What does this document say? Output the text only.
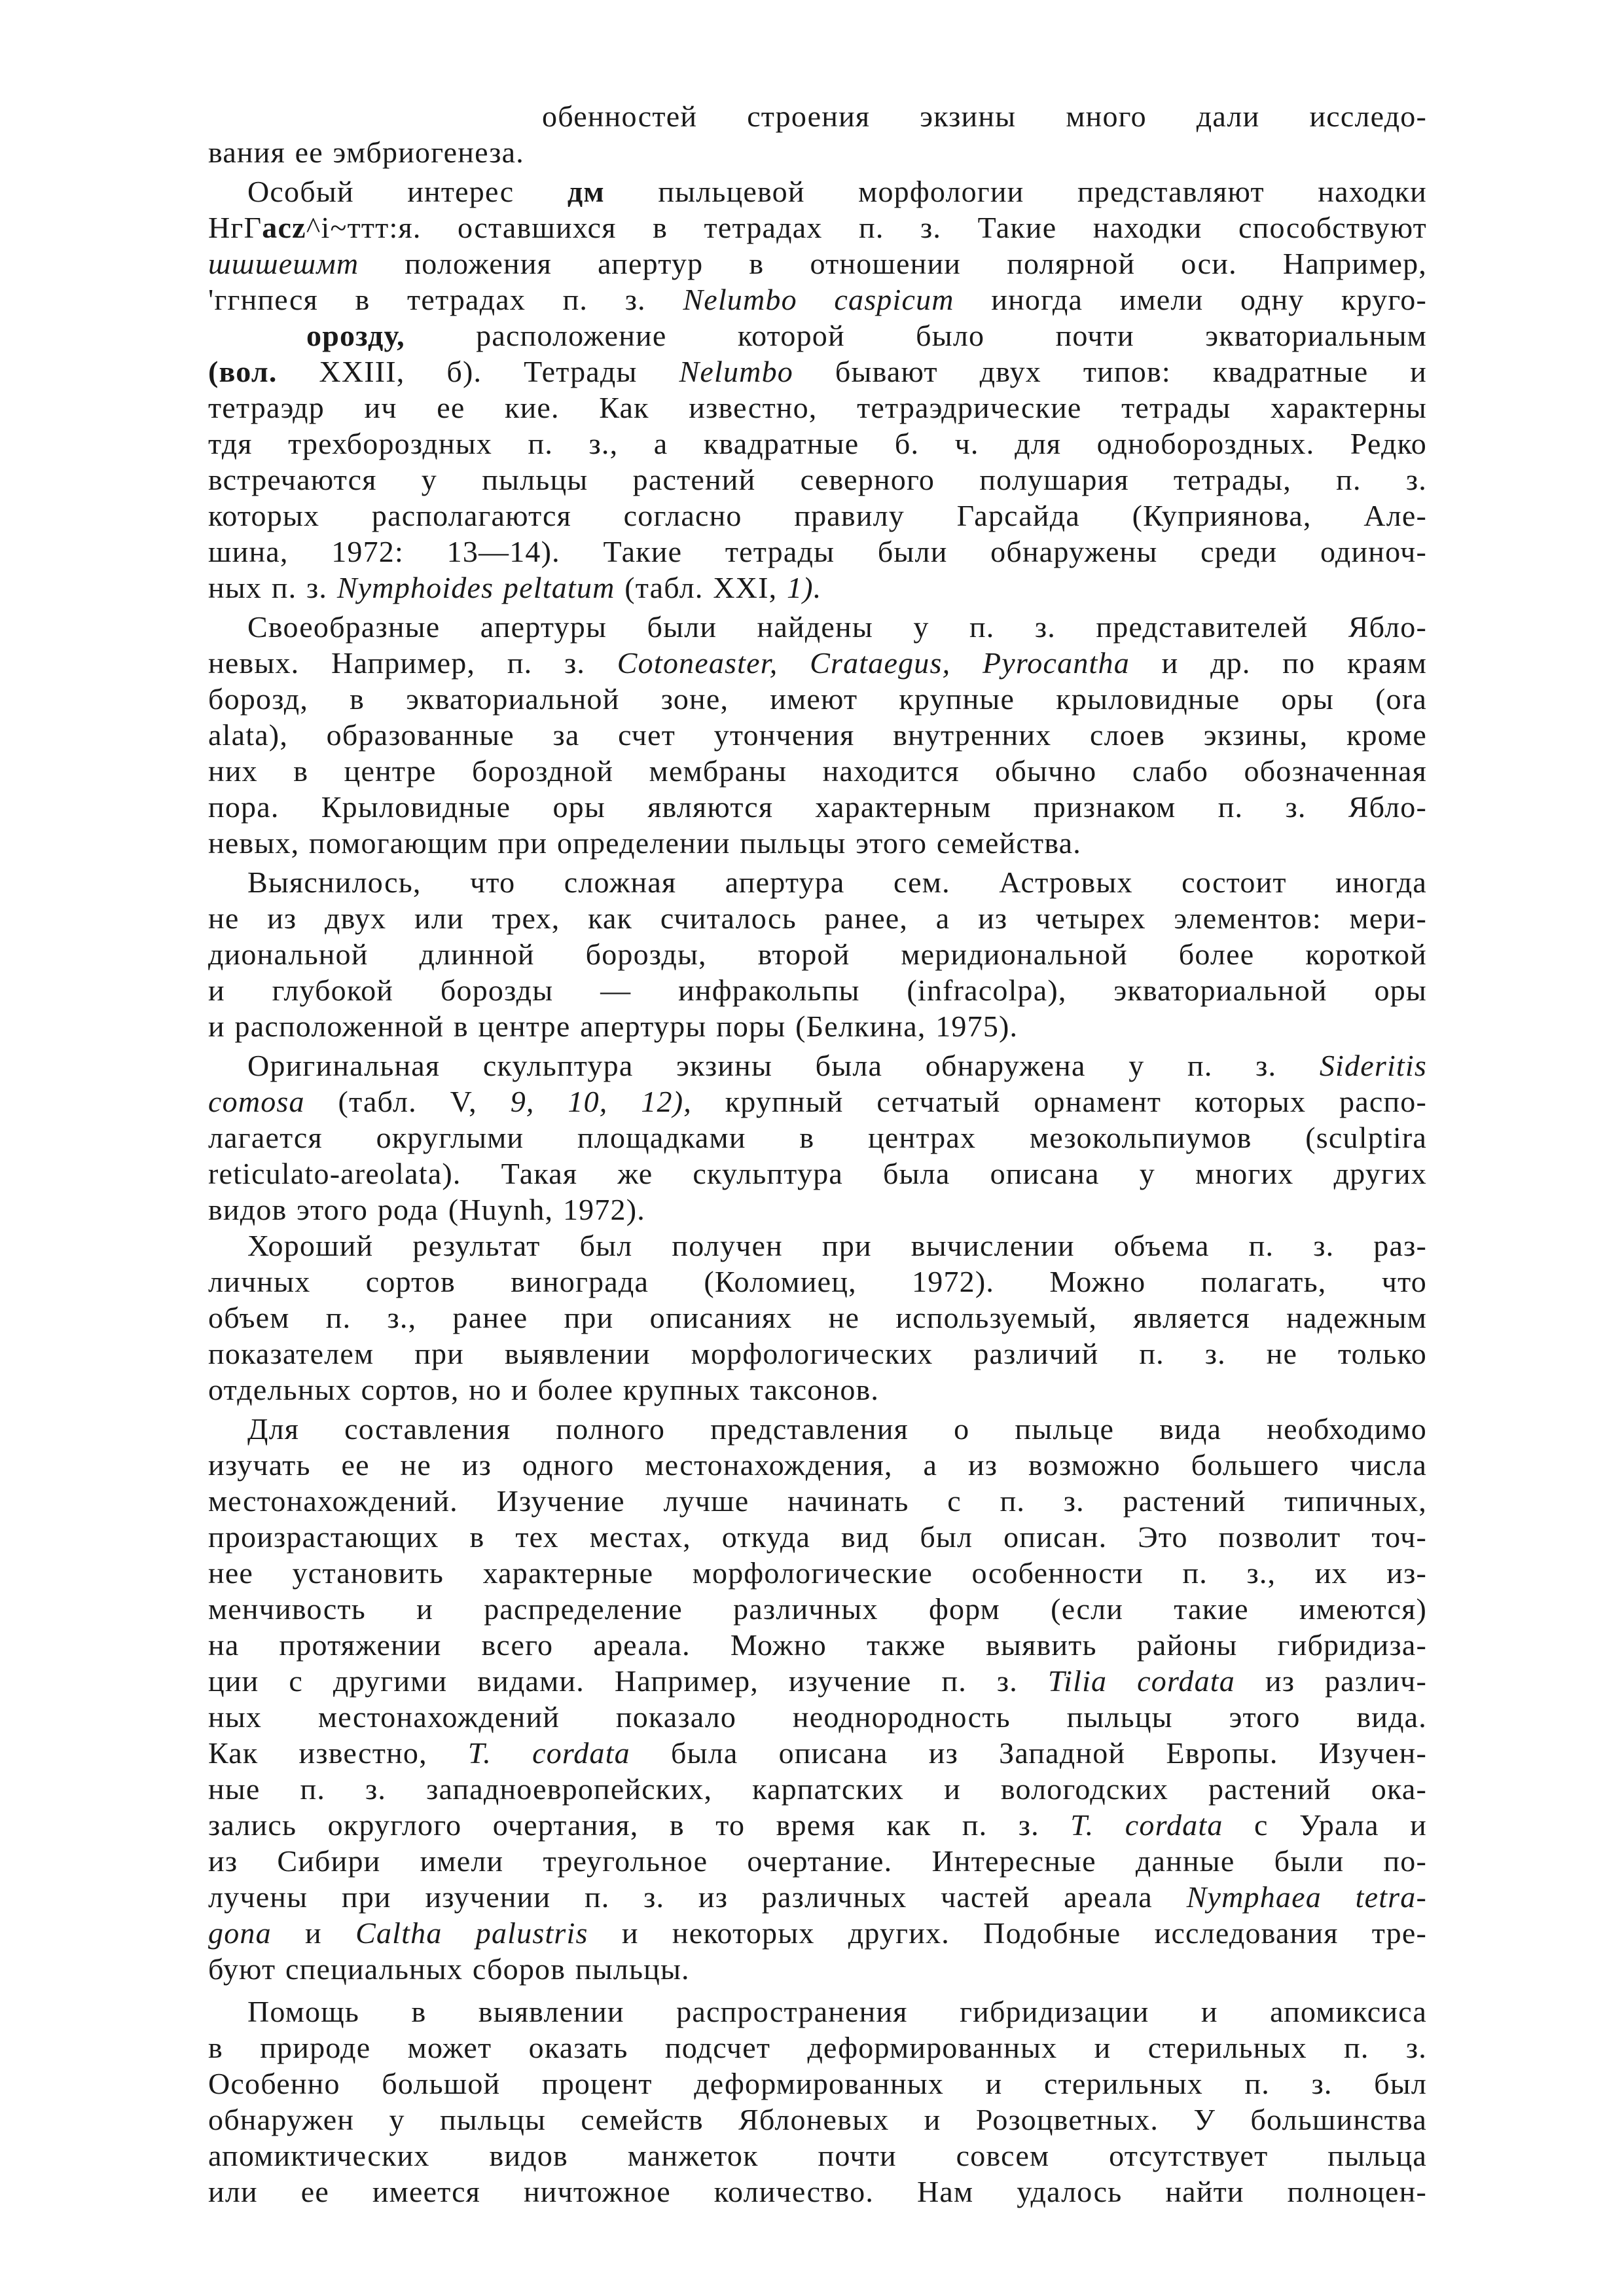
обенностей строения экзины много дали исследо-
вания ее эмбриогенеза.
Особый интерес дм пыльцевой морфологии представляют находки
НгГacz^i~ттт:я. оставшихся в тетрадах п. з. Такие находки способствуют
шшшешмт положения апертур в отношении полярной оси. Например,
'ггнпеся в тетрадах п. з. Nelumbo caspicum иногда имели одну круго-
орозду, расположение которой было почти экваториальным
(вол. XXIII, б). Тетрады Nelumbo бывают двух типов: квадратные и
тетраэдр ич ее кие. Как известно, тетраэдрические тетрады характерны
тдя трехбороздных п. з., а квадратные б. ч. для однобороздных. Редко
встречаются у пыльцы растений северного полушария тетрады, п. з.
которых располагаются согласно правилу Гарсайда (Куприянова, Але-
шина, 1972: 13—14). Такие тетрады были обнаружены среди одиноч-
ных п. з. Nymphoides peltatum (табл. XXI, 1).
Своеобразные апертуры были найдены у п. з. представителей Ябло-
невых. Например, п. з. Cotoneaster, Crataegus, Pyrocantha и др. по краям
борозд, в экваториальной зоне, имеют крупные крыловидные оры (ora
alata), образованные за счет утончения внутренних слоев экзины, кроме
них в центре бороздной мембраны находится обычно слабо обозначенная
пора. Крыловидные оры являются характерным признаком п. з. Ябло-
невых, помогающим при определении пыльцы этого семейства.
Выяснилось, что сложная апертура сем. Астровых состоит иногда
не из двух или трех, как считалось ранее, а из четырех элементов: мери-
диональной длинной борозды, второй меридиональной более короткой
и глубокой борозды — инфракольпы (infracolpa), экваториальной оры
и расположенной в центре апертуры поры (Белкина, 1975).
Оригинальная скульптура экзины была обнаружена у п. з. Sideritis
comosa (табл. V, 9, 10, 12), крупный сетчатый орнамент которых распо-
лагается округлыми площадками в центрах мезокольпиумов (sculptira
reticulato-areolata). Такая же скульптура была описана у многих других
видов этого рода (Huynh, 1972).
Хороший результат был получен при вычислении объема п. з. раз-
личных сортов винограда (Коломиец, 1972). Можно полагать, что
объем п. з., ранее при описаниях не используемый, является надежным
показателем при выявлении морфологических различий п. з. не только
отдельных сортов, но и более крупных таксонов.
Для составления полного представления о пыльце вида необходимо
изучать ее не из одного местонахождения, а из возможно большего числа
местонахождений. Изучение лучше начинать с п. з. растений типичных,
произрастающих в тех местах, откуда вид был описан. Это позволит точ-
нее установить характерные морфологические особенности п. з., их из-
менчивость и распределение различных форм (если такие имеются)
на протяжении всего ареала. Можно также выявить районы гибридиза-
ции с другими видами. Например, изучение п. з. Tilia cordata из различ-
ных местонахождений показало неоднородность пыльцы этого вида.
Как известно, T. cordata была описана из Западной Европы. Изучен-
ные п. з. западноевропейских, карпатских и вологодских растений ока-
зались округлого очертания, в то время как п. з. T. cordata с Урала и
из Сибири имели треугольное очертание. Интересные данные были по-
лучены при изучении п. з. из различных частей ареала Nymphaea tetra-
gona и Caltha palustris и некоторых других. Подобные исследования тре-
буют специальных сборов пыльцы.
Помощь в выявлении распространения гибридизации и апомиксиса
в природе может оказать подсчет деформированных и стерильных п. з.
Особенно большой процент деформированных и стерильных п. з. был
обнаружен у пыльцы семейств Яблоневых и Розоцветных. У большинства
апомиктических видов манжеток почти совсем отсутствует пыльца
или ее имеется ничтожное количество. Нам удалось найти полноцен-
